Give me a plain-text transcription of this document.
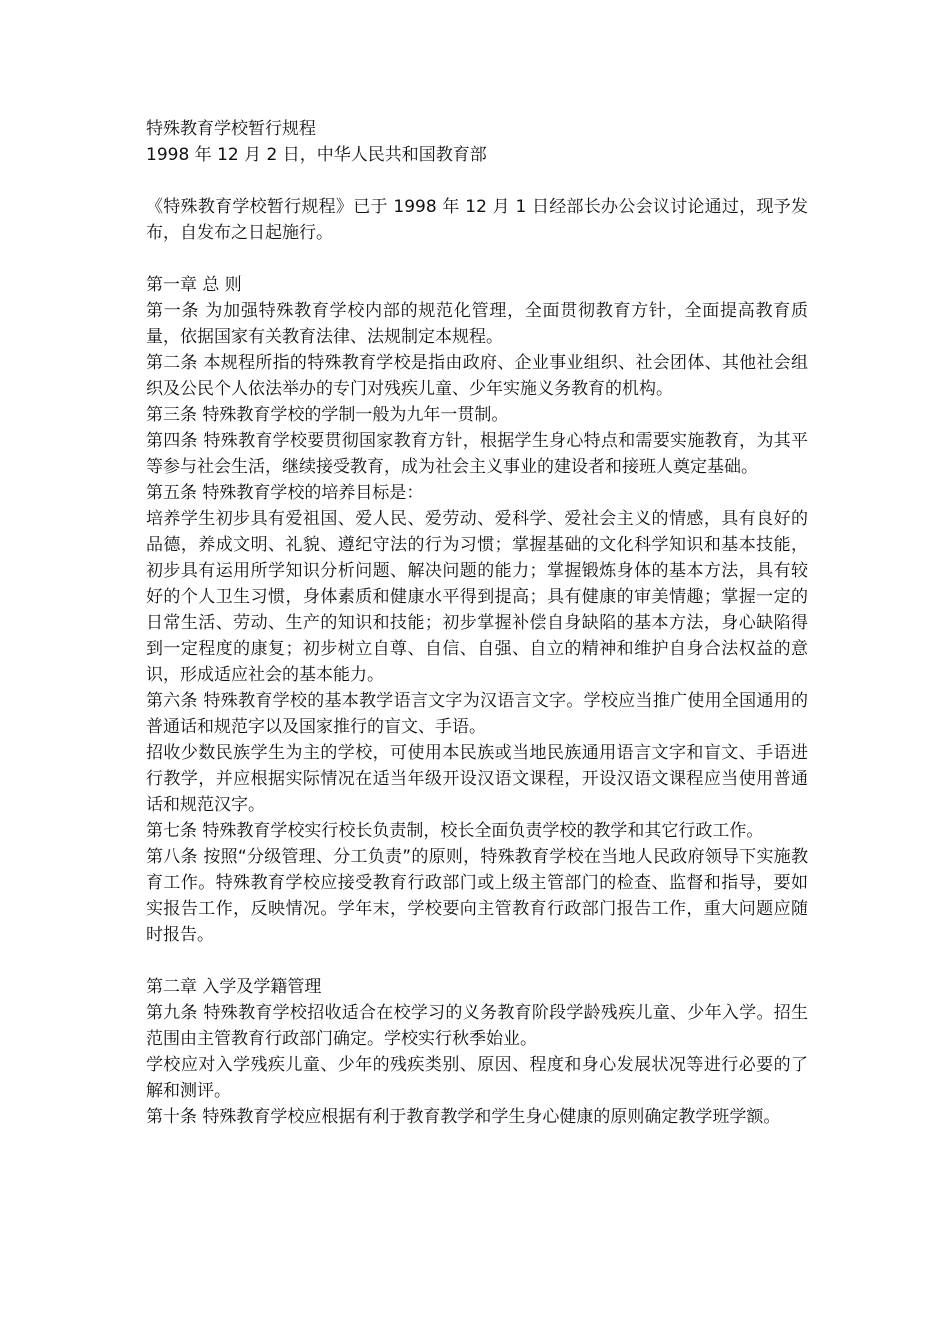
特殊教育学校暂行规程

1998 年 12 月 2 日，中华人民共和国教育部

《特殊教育学校暂行规程》已于 1998 年 12 月 1 日经部长办公会议讨论通过，现予发布，自发布之日起施行。

第一章 总 则

第一条 为加强特殊教育学校内部的规范化管理，全面贯彻教育方针，全面提高教育质量，依据国家有关教育法律、法规制定本规程。

第二条 本规程所指的特殊教育学校是指由政府、企业事业组织、社会团体、其他社会组织及公民个人依法举办的专门对残疾儿童、少年实施义务教育的机构。

第三条 特殊教育学校的学制一般为九年一贯制。

第四条 特殊教育学校要贯彻国家教育方针，根据学生身心特点和需要实施教育，为其平等参与社会生活，继续接受教育，成为社会主义事业的建设者和接班人奠定基础。

第五条 特殊教育学校的培养目标是：

培养学生初步具有爱祖国、爱人民、爱劳动、爱科学、爱社会主义的情感，具有良好的品德，养成文明、礼貌、遵纪守法的行为习惯；掌握基础的文化科学知识和基本技能，初步具有运用所学知识分析问题、解决问题的能力；掌握锻炼身体的基本方法，具有较好的个人卫生习惯，身体素质和健康水平得到提高；具有健康的审美情趣；掌握一定的日常生活、劳动、生产的知识和技能；初步掌握补偿自身缺陷的基本方法，身心缺陷得到一定程度的康复；初步树立自尊、自信、自强、自立的精神和维护自身合法权益的意识，形成适应社会的基本能力。

第六条 特殊教育学校的基本教学语言文字为汉语言文字。学校应当推广使用全国通用的普通话和规范字以及国家推行的盲文、手语。

招收少数民族学生为主的学校，可使用本民族或当地民族通用语言文字和盲文、手语进行教学，并应根据实际情况在适当年级开设汉语文课程，开设汉语文课程应当使用普通话和规范汉字。

第七条 特殊教育学校实行校长负责制，校长全面负责学校的教学和其它行政工作。

第八条 按照“分级管理、分工负责”的原则，特殊教育学校在当地人民政府领导下实施教育工作。特殊教育学校应接受教育行政部门或上级主管部门的检查、监督和指导，要如实报告工作，反映情况。学年末，学校要向主管教育行政部门报告工作，重大问题应随时报告。

第二章 入学及学籍管理

第九条 特殊教育学校招收适合在校学习的义务教育阶段学龄残疾儿童、少年入学。招生范围由主管教育行政部门确定。学校实行秋季始业。

学校应对入学残疾儿童、少年的残疾类别、原因、程度和身心发展状况等进行必要的了解和测评。

第十条 特殊教育学校应根据有利于教育教学和学生身心健康的原则确定教学班学额。
